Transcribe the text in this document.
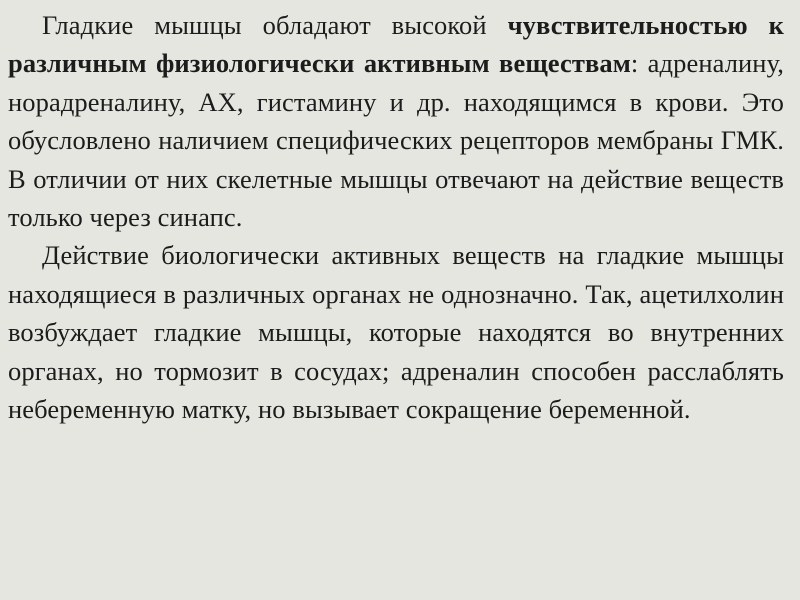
Гладкие мышцы обладают высокой чувствительностью к различным физиологически активным веществам: адреналину, норадреналину, АХ, гистамину и др. находящимся в крови. Это обусловлено наличием специфических рецепторов мембраны ГМК. В отличии от них скелетные мышцы отвечают на действие веществ только через синапс.

Действие биологически активных веществ на гладкие мышцы находящиеся в различных органах не однозначно. Так, ацетилхолин возбуждает гладкие мышцы, которые находятся во внутренних органах, но тормозит в сосудах; адреналин способен расслаблять небеременную матку, но вызывает сокращение беременной.
